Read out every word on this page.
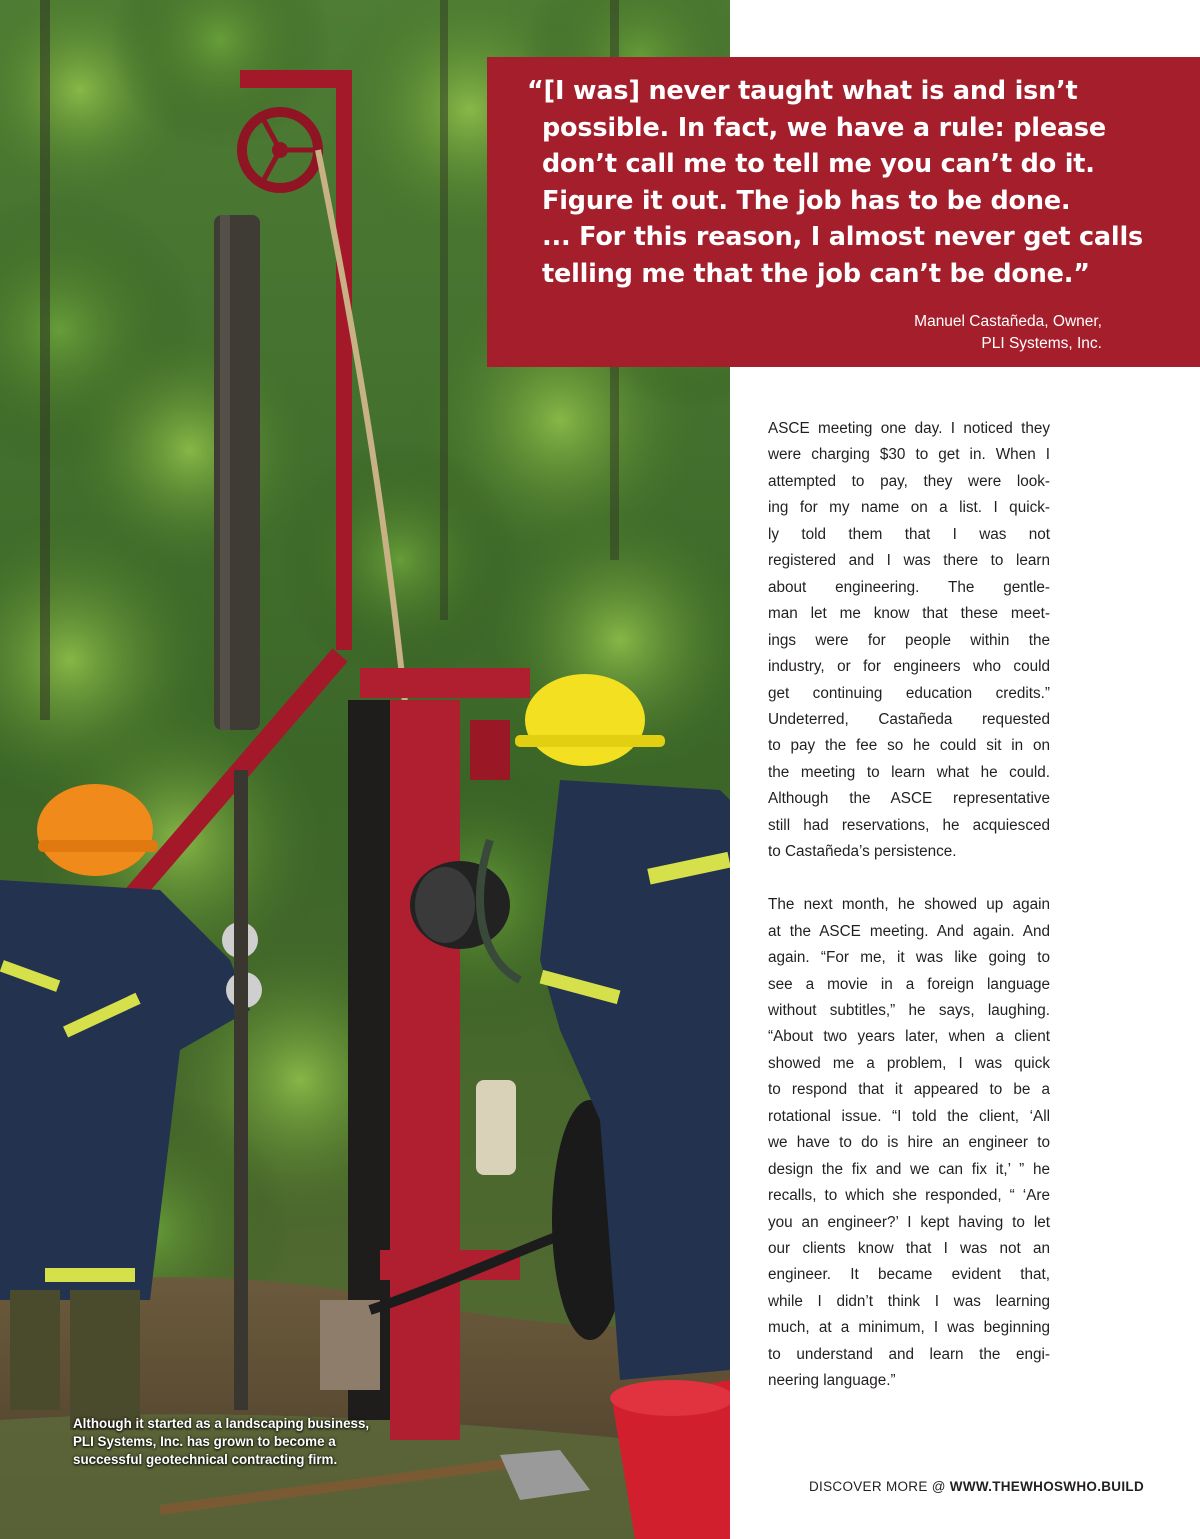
Although it started as a landscaping business,
PLI Systems, Inc. has grown to become a
successful geotechnical contracting firm.

“[I was] never taught what is and isn’t
possible. In fact, we have a rule: please
don’t call me to tell me you can’t do it.
Figure it out. The job has to be done.
... For this reason, I almost never get calls
telling me that the job can’t be done.”

Manuel Castañeda, Owner,
PLI Systems, Inc.

ASCE meeting one day. I noticed they
were charging $30 to get in. When I
attempted to pay, they were look-
ing for my name on a list. I quick-
ly told them that I was not
registered and I was there to learn
about engineering. The gentle-
man let me know that these meet-
ings were for people within the
industry, or for engineers who could
get continuing education credits.”
Undeterred, Castañeda requested
to pay the fee so he could sit in on
the meeting to learn what he could.
Although the ASCE representative
still had reservations, he acquiesced
to Castañeda’s persistence.

The next month, he showed up again
at the ASCE meeting. And again. And
again. “For me, it was like going to
see a movie in a foreign language
without subtitles,” he says, laughing.
“About two years later, when a client
showed me a problem, I was quick
to respond that it appeared to be a
rotational issue. “I told the client, ‘All
we have to do is hire an engineer to
design the fix and we can fix it,’ ” he
recalls, to which she responded, “ ‘Are
you an engineer?’ I kept having to let
our clients know that I was not an
engineer. It became evident that,
while I didn’t think I was learning
much, at a minimum, I was beginning
to understand and learn the engi-
neering language.”

DISCOVER MORE @ WWW.THEWHOSWHO.BUILD
